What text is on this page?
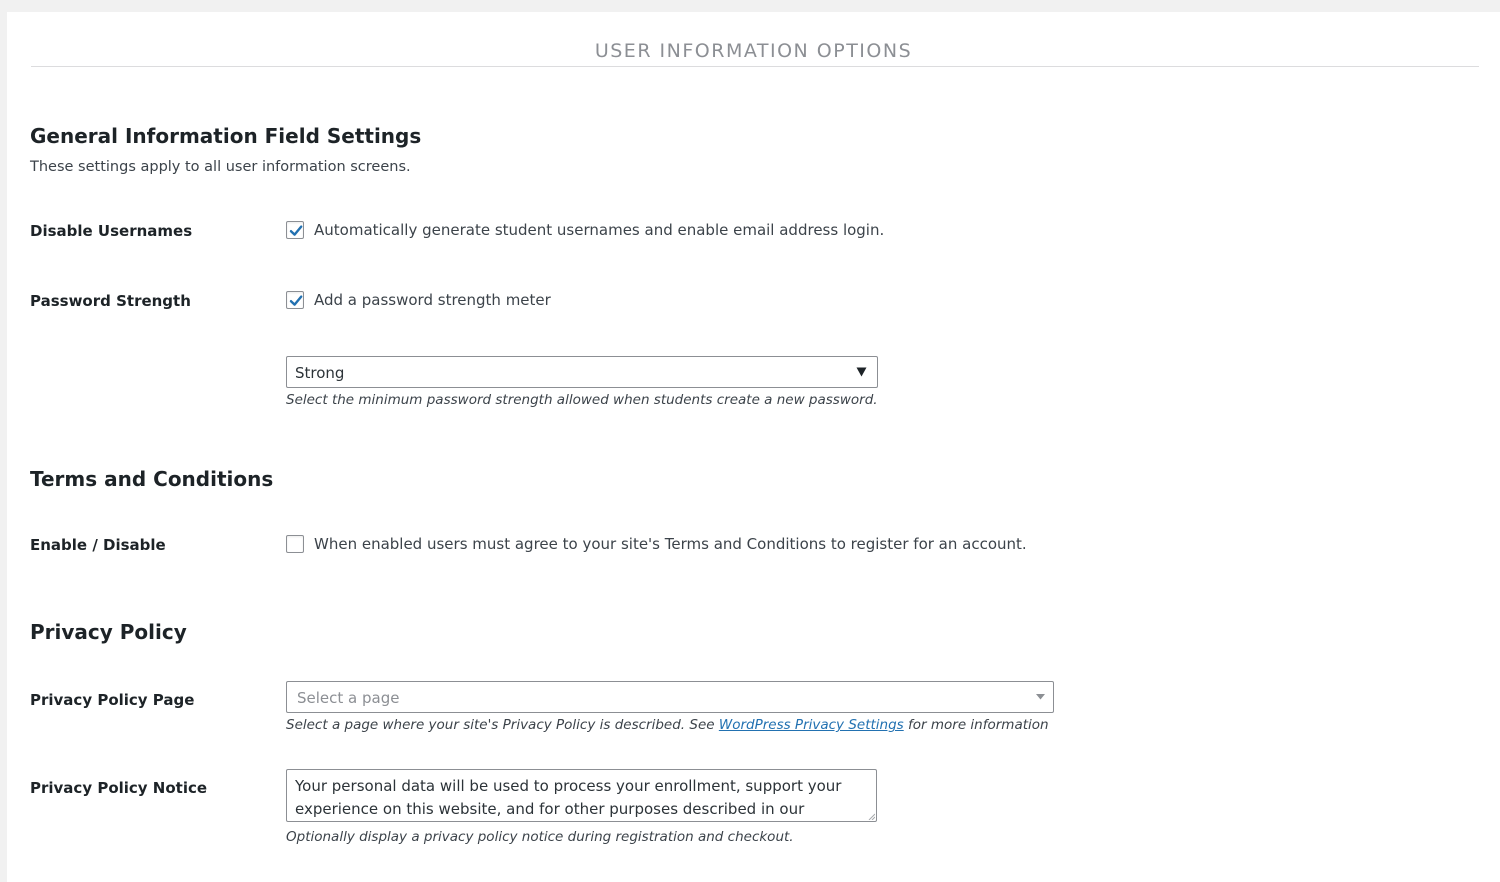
USER INFORMATION OPTIONS
General Information Field Settings
These settings apply to all user information screens.
Disable Usernames	Automatically generate student usernames and enable email address login.
Password Strength	Add a password strength meter
Strong
Select the minimum password strength allowed when students create a new password.
Terms and Conditions
Enable / Disable	When enabled users must agree to your site's Terms and Conditions to register for an account.
Privacy Policy
Privacy Policy Page	Select a page
Select a page where your site's Privacy Policy is described. See WordPress Privacy Settings for more information
Privacy Policy Notice	Your personal data will be used to process your enrollment, support your experience on this website, and for other purposes described in our
Optionally display a privacy policy notice during registration and checkout.
